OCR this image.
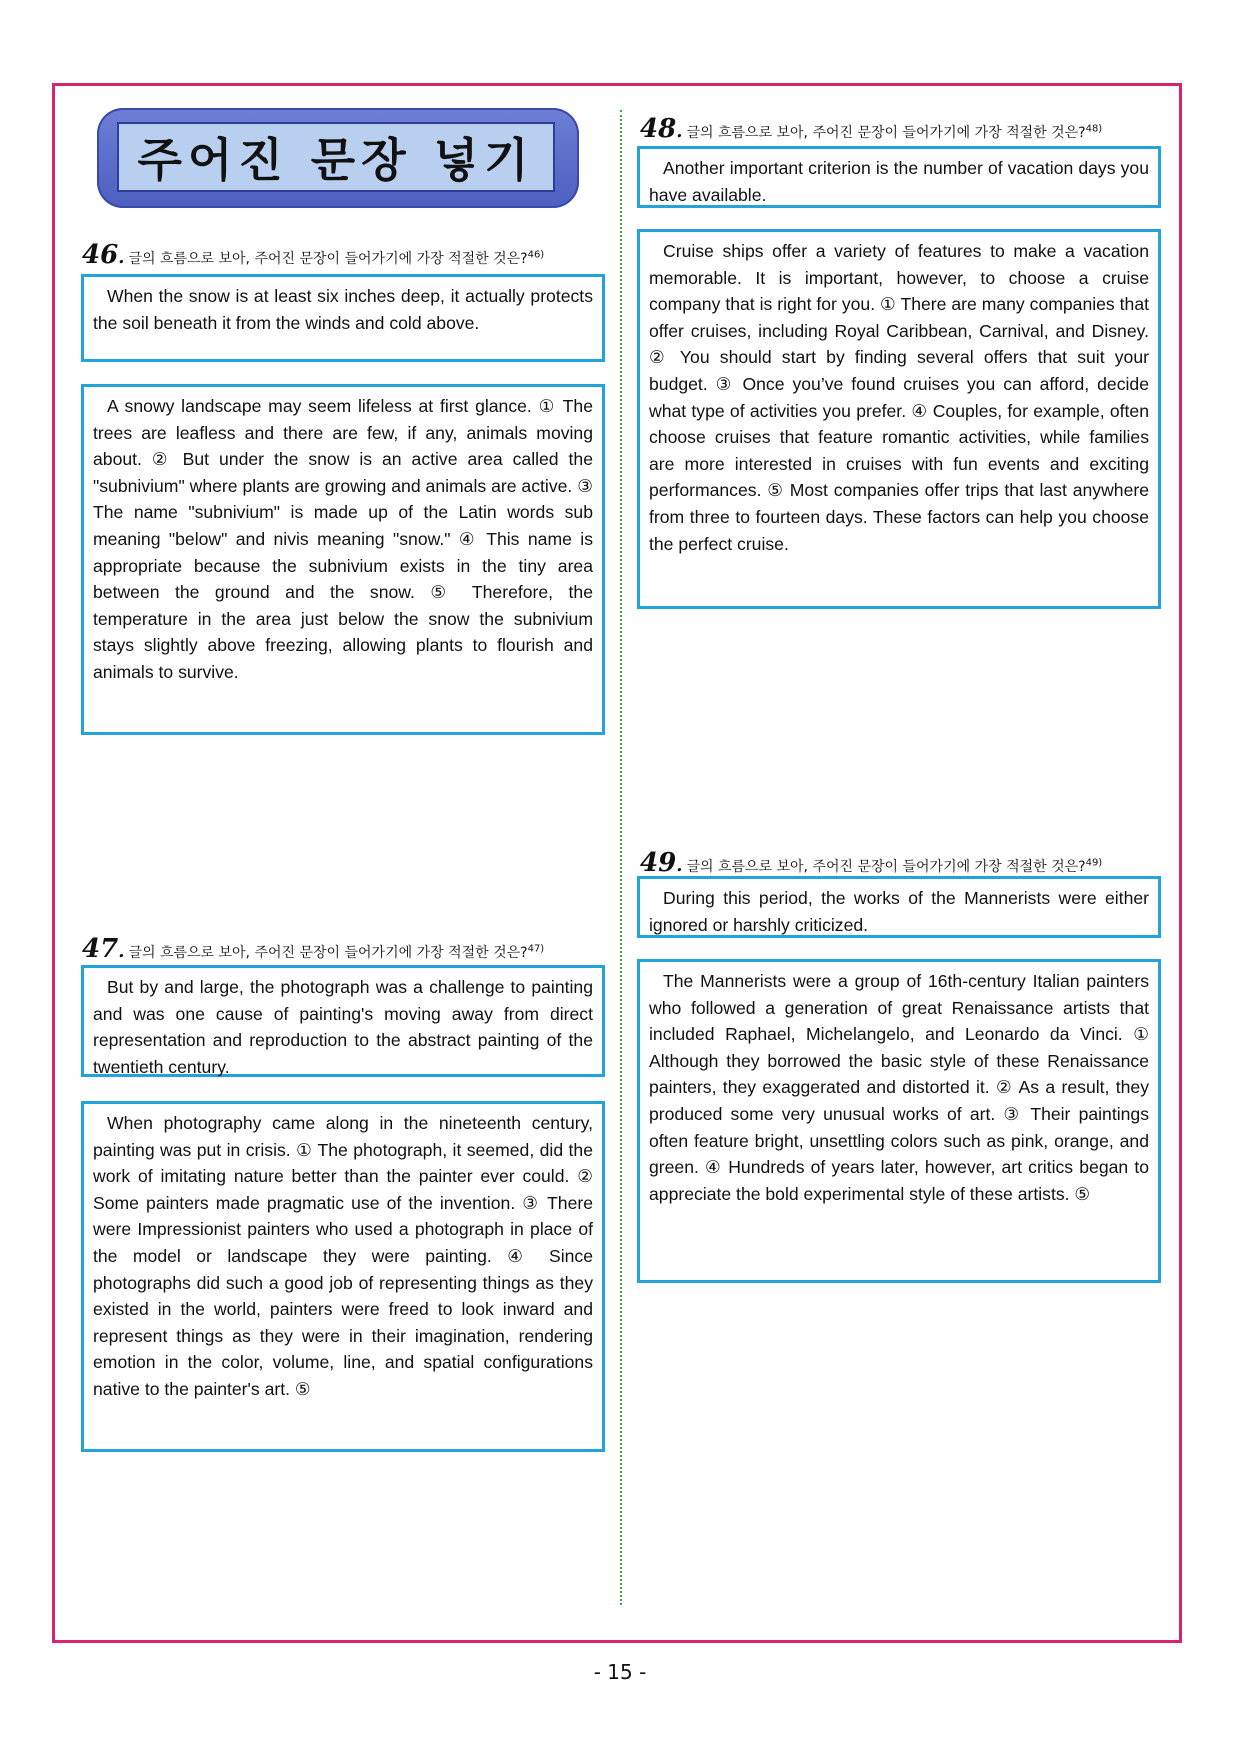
주어진 문장 넣기
46. 글의 흐름으로 보아, 주어진 문장이 들어가기에 가장 적절한 것은?$^{46)}$
When the snow is at least six inches deep, it actually protects the soil beneath it from the winds and cold above.
A snowy landscape may seem lifeless at first glance. ① The trees are leafless and there are few, if any, animals moving about. ② But under the snow is an active area called the "subnivium" where plants are growing and animals are active. ③ The name "subnivium" is made up of the Latin words sub meaning "below" and nivis meaning "snow." ④ This name is appropriate because the subnivium exists in the tiny area between the ground and the snow. ⑤ Therefore, the temperature in the area just below the snow the subnivium stays slightly above freezing, allowing plants to flourish and animals to survive.
47. 글의 흐름으로 보아, 주어진 문장이 들어가기에 가장 적절한 것은?$^{47)}$
But by and large, the photograph was a challenge to painting and was one cause of painting's moving away from direct representation and reproduction to the abstract painting of the twentieth century.
When photography came along in the nineteenth century, painting was put in crisis. ① The photograph, it seemed, did the work of imitating nature better than the painter ever could. ② Some painters made pragmatic use of the invention. ③ There were Impressionist painters who used a photograph in place of the model or landscape they were painting. ④ Since photographs did such a good job of representing things as they existed in the world, painters were freed to look inward and represent things as they were in their imagination, rendering emotion in the color, volume, line, and spatial configurations native to the painter's art. ⑤
48. 글의 흐름으로 보아, 주어진 문장이 들어가기에 가장 적절한 것은?$^{48)}$
Another important criterion is the number of vacation days you have available.
Cruise ships offer a variety of features to make a vacation memorable. It is important, however, to choose a cruise company that is right for you. ① There are many companies that offer cruises, including Royal Caribbean, Carnival, and Disney. ② You should start by finding several offers that suit your budget. ③ Once you’ve found cruises you can afford, decide what type of activities you prefer. ④ Couples, for example, often choose cruises that feature romantic activities, while families are more interested in cruises with fun events and exciting performances. ⑤ Most companies offer trips that last anywhere from three to fourteen days. These factors can help you choose the perfect cruise.
49. 글의 흐름으로 보아, 주어진 문장이 들어가기에 가장 적절한 것은?$^{49)}$
During this period, the works of the Mannerists were either ignored or harshly criticized.
The Mannerists were a group of 16th-century Italian painters who followed a generation of great Renaissance artists that included Raphael, Michelangelo, and Leonardo da Vinci. ① Although they borrowed the basic style of these Renaissance painters, they exaggerated and distorted it. ② As a result, they produced some very unusual works of art. ③ Their paintings often feature bright, unsettling colors such as pink, orange, and green. ④ Hundreds of years later, however, art critics began to appreciate the bold experimental style of these artists. ⑤
- 15 -
